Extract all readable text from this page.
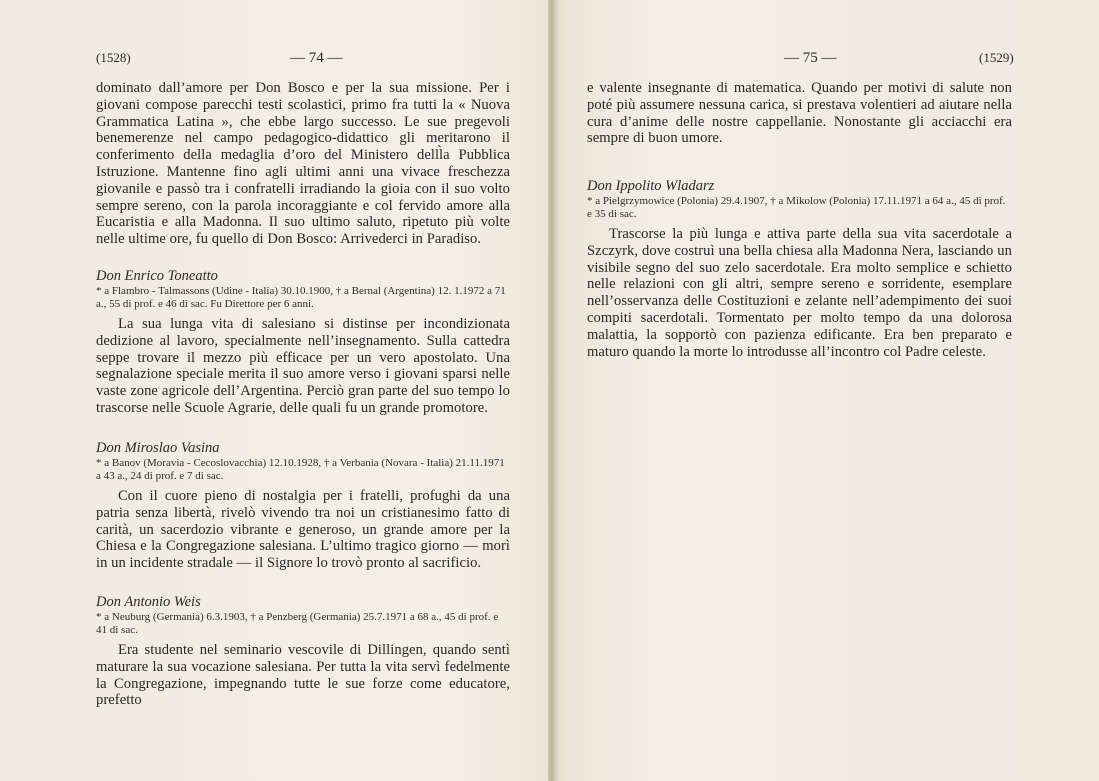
(1528)	— 74 —

dominato dall’amore per Don Bosco e per la sua missione. Per i giovani compose parecchi testi scolastici, primo fra tutti la « Nuova Grammatica Latina », che ebbe largo successo. Le sue pregevoli benemerenze nel campo pedagogico-didattico gli meritarono il conferimento della medaglia d’oro del Ministero delll̀a Pubblica Istruzione. Mantenne fino agli ultimi anni una vivace freschezza giovanile e passò tra i confratelli irradiando la gioia con il suo volto sempre sereno, con la parola incoraggiante e col fervido amore alla Eucaristia e alla Madonna. Il suo ultimo saluto, ripetuto più volte nelle ultime ore, fu quello di Don Bosco: Arrivederci in Paradiso.

Don Enrico Toneatto
* a Flambro - Talmassons (Udine - Italia) 30.10.1900, † a Bernal (Argentina) 12. 1.1972 a 71 a., 55 di prof. e 46 di sac. Fu Direttore per 6 anni.

La sua lunga vita di salesiano si distinse per incondizionata dedizione al lavoro, specialmente nell’insegnamento. Sulla cattedra seppe trovare il mezzo più efficace per un vero apostolato. Una segnalazione speciale merita il suo amore verso i giovani sparsi nelle vaste zone agricole dell’Argentina. Perciò gran parte del suo tempo lo trascorse nelle Scuole Agrarie, delle quali fu un grande promotore.

Don Miroslao Vasina
* a Banov (Moravia - Cecoslovacchia) 12.10.1928, † a Verbania (Novara - Italia) 21.11.1971 a 43 a., 24 di prof. e 7 di sac.

Con il cuore pieno di nostalgia per i fratelli, profughi da una patria senza libertà, rivelò vivendo tra noi un cristianesimo fatto di carità, un sacerdozio vibrante e generoso, un grande amore per la Chiesa e la Congregazione salesiana. L’ultimo tragico giorno — morì in un incidente stradale — il Signore lo trovò pronto al sacrificio.

Don Antonio Weis
* a Neuburg (Germania) 6.3.1903, † a Penzberg (Germania) 25.7.1971 a 68 a., 45 di prof. e 41 di sac.

Era studente nel seminario vescovile di Dillingen, quando sentì maturare la sua vocazione salesiana. Per tutta la vita servì fedelmente la Congregazione, impegnando tutte le sue forze come educatore, prefetto

— 75 —	(1529)

e valente insegnante di matematica. Quando per motivi di salute non poté più assumere nessuna carica, si prestava volentieri ad aiutare nella cura d’anime delle nostre cappellanie. Nonostante gli acciacchi era sempre di buon umore.

Don Ippolito Wladarz
* a Pielgrzymowice (Polonia) 29.4.1907, † a Mikolow (Polonia) 17.11.1971 a 64 a., 45 di prof. e 35 di sac.

Trascorse la più lunga e attiva parte della sua vita sacerdotale a Szczyrk, dove costruì una bella chiesa alla Madonna Nera, lasciando un visibile segno del suo zelo sacerdotale. Era molto semplice e schietto nelle relazioni con gli altri, sempre sereno e sorridente, esemplare nell’osservanza delle Costituzioni e zelante nell’adempimento dei suoi compiti sacerdotali. Tormentato per molto tempo da una dolorosa malattia, la sopportò con pazienza edificante. Era ben preparato e maturo quando la morte lo introdusse all’incontro col Padre celeste.
